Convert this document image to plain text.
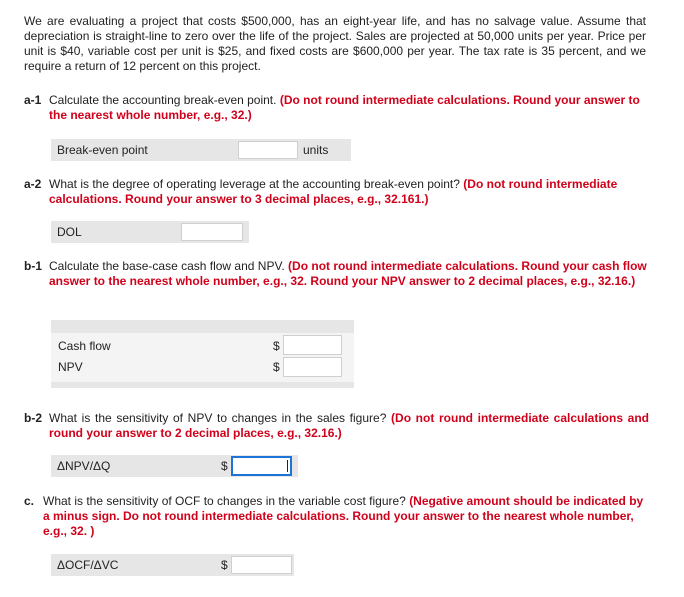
We are evaluating a project that costs $500,000, has an eight-year life, and has no salvage value. Assume that depreciation is straight-line to zero over the life of the project. Sales are projected at 50,000 units per year. Price per unit is $40, variable cost per unit is $25, and fixed costs are $600,000 per year. The tax rate is 35 percent, and we require a return of 12 percent on this project.
a-1 Calculate the accounting break-even point. (Do not round intermediate calculations. Round your answer to the nearest whole number, e.g., 32.)
Break-even point	units
a-2 What is the degree of operating leverage at the accounting break-even point? (Do not round intermediate calculations. Round your answer to 3 decimal places, e.g., 32.161.)
DOL
b-1 Calculate the base-case cash flow and NPV. (Do not round intermediate calculations. Round your cash flow answer to the nearest whole number, e.g., 32. Round your NPV answer to 2 decimal places, e.g., 32.16.)
Cash flow	$
NPV	$
b-2 What is the sensitivity of NPV to changes in the sales figure? (Do not round intermediate calculations and round your answer to 2 decimal places, e.g., 32.16.)
ΔNPV/ΔQ	$
c. What is the sensitivity of OCF to changes in the variable cost figure? (Negative amount should be indicated by a minus sign. Do not round intermediate calculations. Round your answer to the nearest whole number, e.g., 32. )
ΔOCF/ΔVC	$
